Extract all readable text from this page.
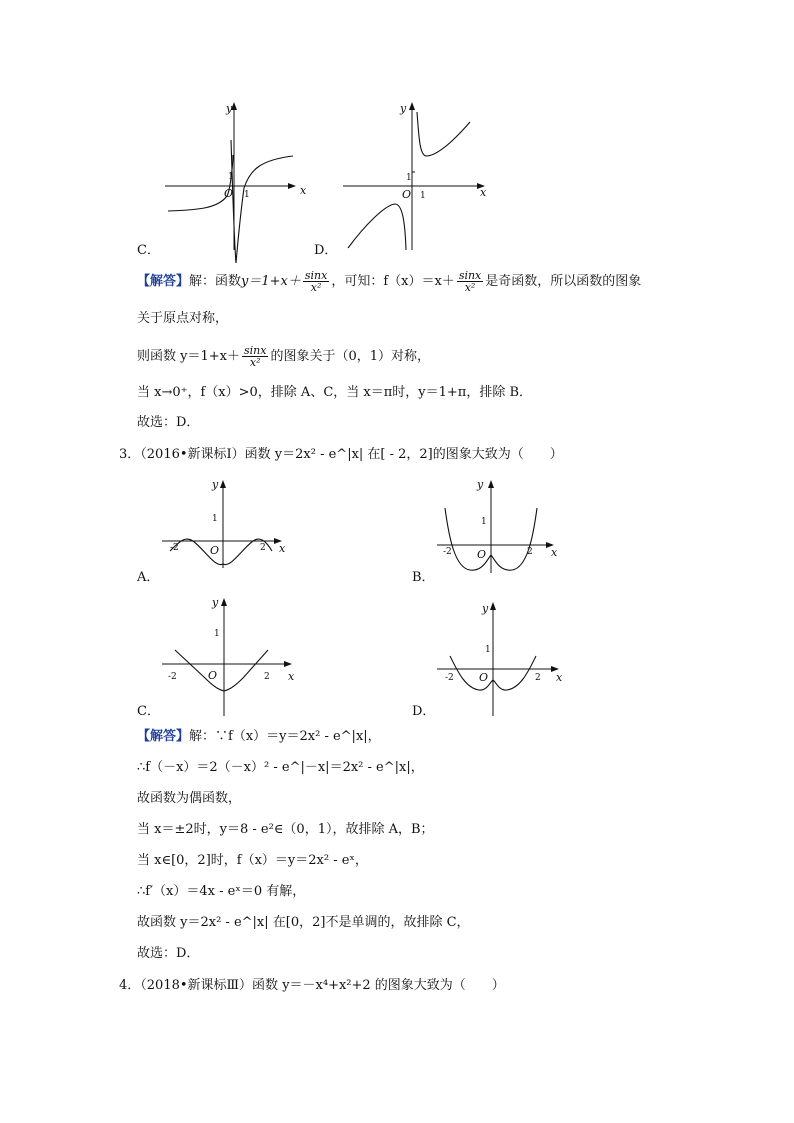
x
y
O
1
1	x
y
O
1
1
C．	D．
【解答】解：函数$y=1+x+ \frac{\sin x}{\text{x²}}$ ，可知：$f(x)=x+ \frac{\sin x}{\text{x²}}$ 是奇函数，所以函数的图象
关于原点对称，
则函数 $y=1+x+ \frac{\sin x}{\text{x²}}$ 的图象关于（0，1）对称，
当 x→0⁺，f（x）>0，排除 A、C，当 x＝π时，y＝1+π，排除 B．
故选：D．
3．（2016•新课标Ⅰ）函数 y＝2x² - e^|x| 在[ - 2，2]的图象大致为（　　）
x
y
O
1
-2	2	x
y
O
1
-2	2
A．	B．
x
y
O
1
-2	2	x
y
O
1
-2	2
C．	D．
【解答】解：∵f（x）＝y＝2x² - e^|x|，
∴f（－x）＝2（－x）² - e^|－x|＝2x² - e^|x|，
故函数为偶函数，
当 x＝±2时，y＝8 - e²∈（0，1），故排除 A，B；
当 x∈[0，2]时，f（x）＝y＝2x² - eˣ，
∴f′（x）＝4x - eˣ＝0 有解，
故函数 y＝2x² - e^|x| 在[0，2]不是单调的，故排除 C，
故选：D．
4．（2018•新课标Ⅲ）函数 y＝－x⁴+x²+2 的图象大致为（　　）
